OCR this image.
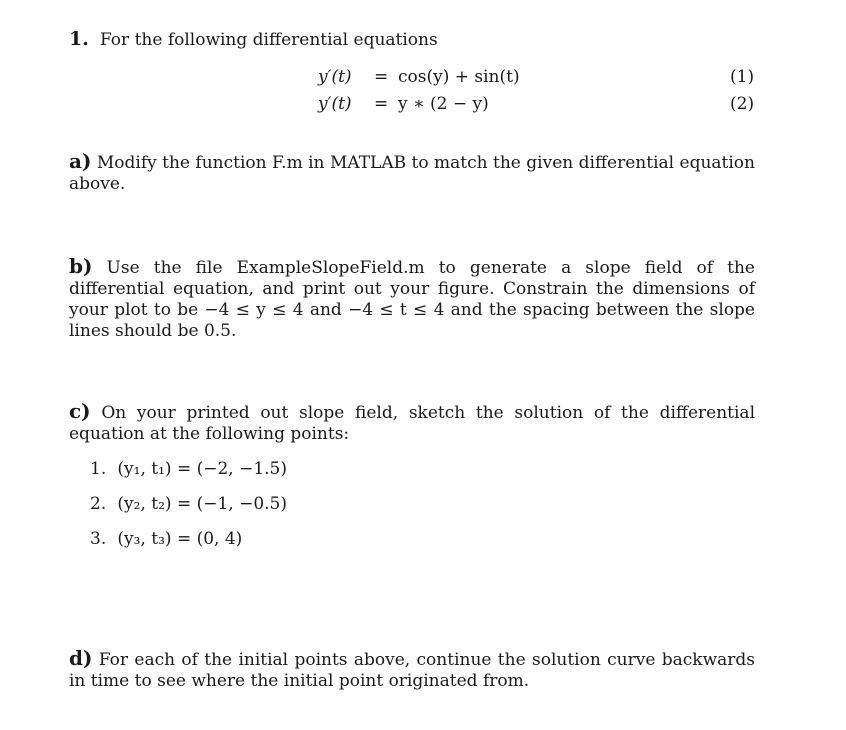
1. For the following differential equations
y′(t) = cos(y) + sin(t)	(1)
y′(t) = y ∗ (2 − y)	(2)
a) Modify the function F.m in MATLAB to match the given differential equation above.
b) Use the file ExampleSlopeField.m to generate a slope field of the differential equation, and print out your figure. Constrain the dimensions of your plot to be −4 ≤ y ≤ 4 and −4 ≤ t ≤ 4 and the spacing between the slope lines should be 0.5.
c) On your printed out slope field, sketch the solution of the differential equation at the following points:
1. (y₁, t₁) = (−2, −1.5)
2. (y₂, t₂) = (−1, −0.5)
3. (y₃, t₃) = (0, 4)
d) For each of the initial points above, continue the solution curve backwards in time to see where the initial point originated from.
